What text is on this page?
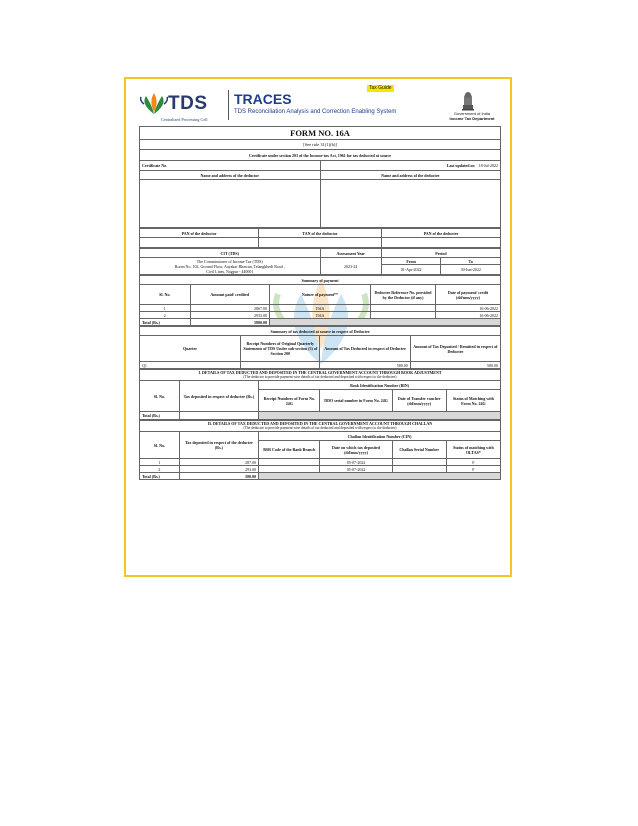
Tax Guide
TDS
Centralized Processing Cell
TRACES
TDS Reconciliation Analysis and Correction Enabling System	Government of India
Income Tax Department
FORM NO. 16A	
[See rule 31(1)(b)]	
Certificate under section 203 of the Income-tax Act, 1961 for tax deducted at source	
Certificate No.	Last updated on 18-Jul-2022
Name and address of the deductor	Name and address of the deductee

PAN of the deductor	TAN of the deductor	PAN of the deductee

CIT (TDS)	Assessment Year	Period	

The Commissioner of Income Tax (TDS)
Room No. 102, Ground Floor, Aayakar Bhawan, Telangkhedi Road ,
Civil Lines, Nagpur - 440001	2023-24	From	To
		01-Apr-2022	30-Jun-2022
Summary of payment				
Sl. No.	Amount paid/ credited	Nature of payment**	Deductee Reference No. provided by the Deductor (if any)	Date of payment/ credit (dd/mm/yyyy)
1	2867.00	194A		16-06-2022
2	2933.00	194A		16-06-2022
Total (Rs.)	5800.00			
Summary of tax deducted at source in respect of Deductee			
Quarter	Receipt Numbers of Original Quarterly Statements of TDS Under sub-section (3) of Section 200	Amount of Tax Deducted in respect of Deductee	Amount of Tax Deposited / Remitted in respect of Deductee
Q1		580.00	580.00
I. DETAILS OF TAX DEDUCTED AND DEPOSITED IN THE CENTRAL GOVERNMENT ACCOUNT THROUGH BOOK ADJUSTMENT
(The deductor to provide payment wise details of tax deducted and deposited with respect to the deductee)					

Sl. No.	Tax deposited in respect of deductee (Rs.)	Book Identification Number (BIN)			
		Receipt Numbers of Form No. 24G	DDO serial number in Form No. 24G	Date of Transfer voucher (dd/mm/yyyy)	Status of Matching with Form No. 24G
Total (Rs.)					
II. DETAILS OF TAX DEDUCTED AND DEPOSITED IN THE CENTRAL GOVERNMENT ACCOUNT THROUGH CHALLAN
(The deductor to provide payment wise details of tax deducted and deposited with respect to the deductee)					

Sl. No.	Tax deposited in respect of the deductee (Rs.)	Challan Identification Number (CIN)			
		BSR Code of the Bank Branch	Date on which tax deposited (dd/mm/yyyy)	Challan Serial Number	Status of matching with OLTAS*
1	287.00		05-07-2022		F
2	293.00		05-07-2022		F
Total (Rs.)	580.00				
